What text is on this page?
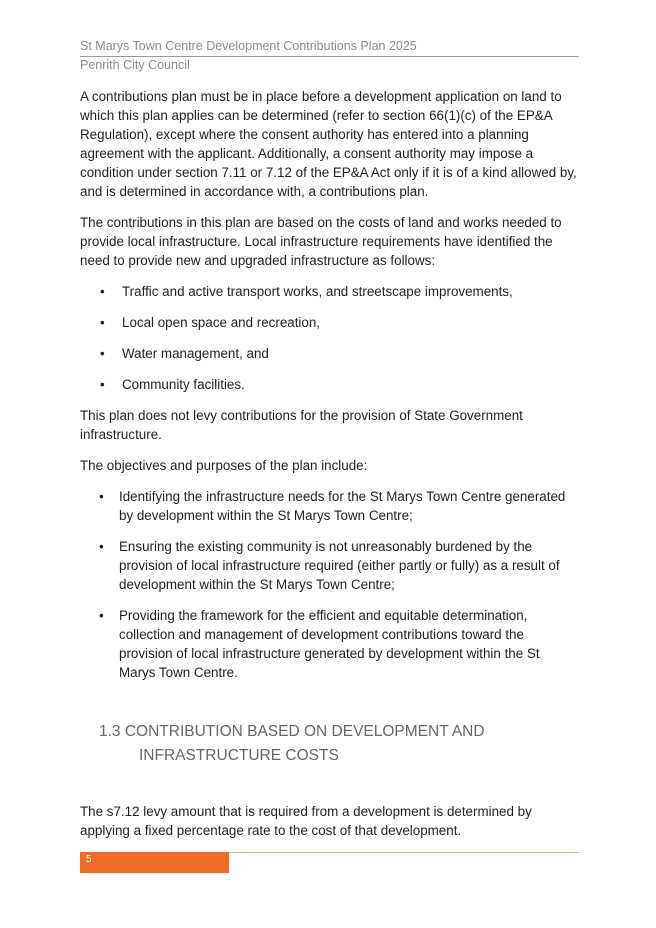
St Marys Town Centre Development Contributions Plan 2025
Penrith City Council

A contributions plan must be in place before a development application on land to which this plan applies can be determined (refer to section 66(1)(c) of the EP&A Regulation), except where the consent authority has entered into a planning agreement with the applicant. Additionally, a consent authority may impose a condition under section 7.11 or 7.12 of the EP&A Act only if it is of a kind allowed by, and is determined in accordance with, a contributions plan.

The contributions in this plan are based on the costs of land and works needed to provide local infrastructure. Local infrastructure requirements have identified the need to provide new and upgraded infrastructure as follows:

• Traffic and active transport works, and streetscape improvements,
• Local open space and recreation,
• Water management, and
• Community facilities.

This plan does not levy contributions for the provision of State Government infrastructure.

The objectives and purposes of the plan include:

• Identifying the infrastructure needs for the St Marys Town Centre generated by development within the St Marys Town Centre;
• Ensuring the existing community is not unreasonably burdened by the provision of local infrastructure required (either partly or fully) as a result of development within the St Marys Town Centre;
• Providing the framework for the efficient and equitable determination, collection and management of development contributions toward the provision of local infrastructure generated by development within the St Marys Town Centre.
1.3 CONTRIBUTION BASED ON DEVELOPMENT AND INFRASTRUCTURE COSTS

The s7.12 levy amount that is required from a development is determined by applying a fixed percentage rate to the cost of that development.

5
